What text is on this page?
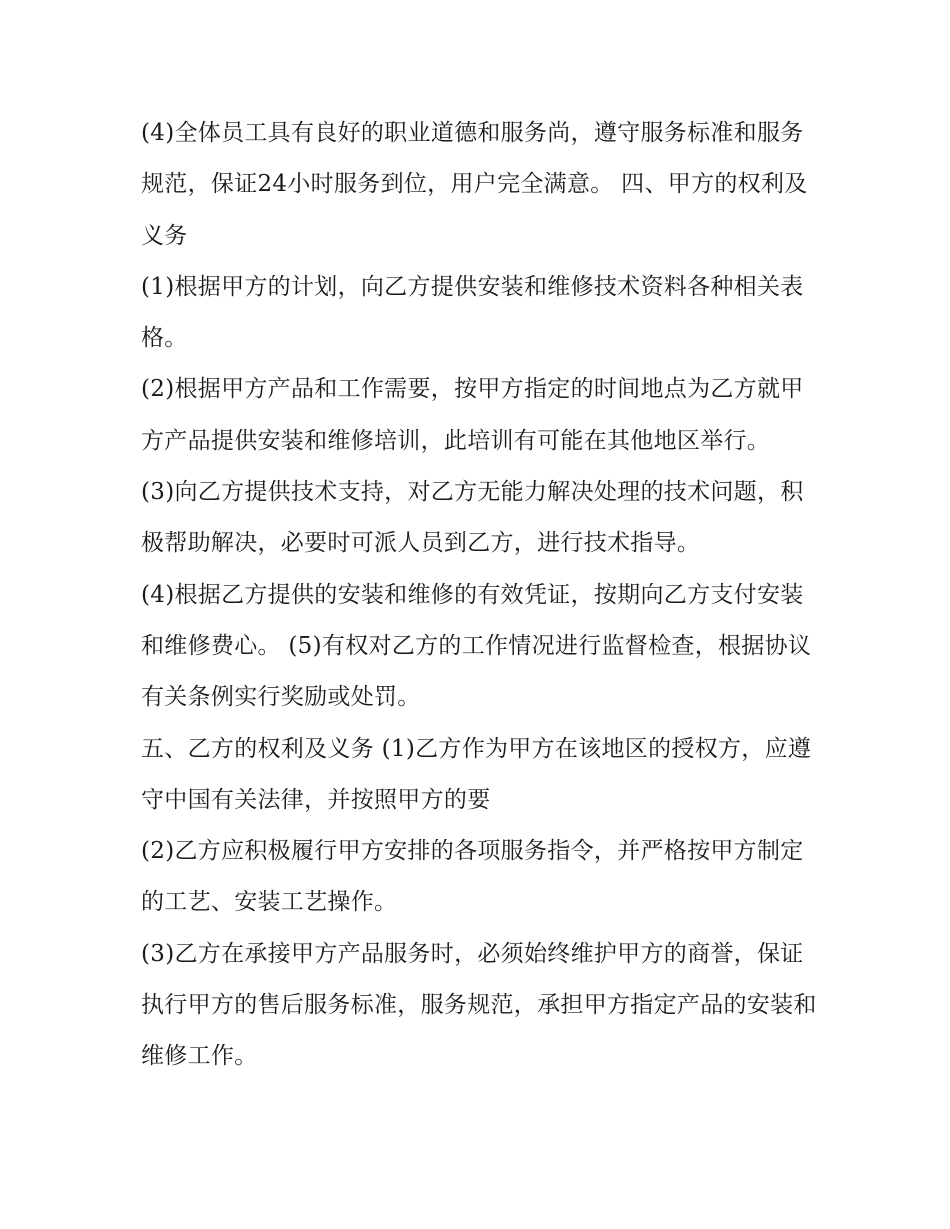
(4)全体员工具有良好的职业道德和服务尚，遵守服务标准和服务规范，保证24小时服务到位，用户完全满意。 四、甲方的权利及义务

(1)根据甲方的计划，向乙方提供安装和维修技术资料各种相关表格。

(2)根据甲方产品和工作需要，按甲方指定的时间地点为乙方就甲方产品提供安装和维修培训，此培训有可能在其他地区举行。

(3)向乙方提供技术支持，对乙方无能力解决处理的技术问题，积极帮助解决，必要时可派人员到乙方，进行技术指导。

(4)根据乙方提供的安装和维修的有效凭证，按期向乙方支付安装和维修费心。 (5)有权对乙方的工作情况进行监督检查，根据协议有关条例实行奖励或处罚。

五、乙方的权利及义务 (1)乙方作为甲方在该地区的授权方，应遵守中国有关法律，并按照甲方的要

(2)乙方应积极履行甲方安排的各项服务指令，并严格按甲方制定的工艺、安装工艺操作。

(3)乙方在承接甲方产品服务时，必须始终维护甲方的商誉，保证执行甲方的售后服务标准，服务规范，承担甲方指定产品的安装和维修工作。
